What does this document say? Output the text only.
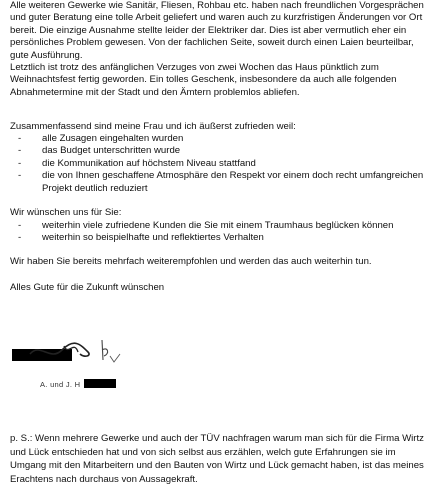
Alle weiteren Gewerke wie Sanitär, Fliesen, Rohbau etc. haben nach freundlichen Vorgesprächen und guter Beratung eine tolle Arbeit geliefert und waren auch zu kurzfristigen Änderungen vor Ort bereit. Die einzige Ausnahme stellte leider der Elektriker dar. Dies ist aber vermutlich eher ein persönliches Problem gewesen. Von der fachlichen Seite, soweit durch einen Laien beurteilbar, gute Ausführung.
Letztlich ist trotz des anfänglichen Verzuges von zwei Wochen das Haus pünktlich zum Weihnachtsfest fertig geworden. Ein tolles Geschenk, insbesondere da auch alle folgenden Abnahmetermine mit der Stadt und den Ämtern problemlos abliefen.
Zusammenfassend sind meine Frau und ich äußerst zufrieden weil:
- alle Zusagen eingehalten wurden
- das Budget unterschritten wurde
- die Kommunikation auf höchstem Niveau stattfand
- die von Ihnen geschaffene Atmosphäre den Respekt vor einem doch recht umfangreichen Projekt deutlich reduziert
Wir wünschen uns für Sie:
- weiterhin viele zufriedene Kunden die Sie mit einem Traumhaus beglücken können
- weiterhin so beispielhafte und reflektiertes Verhalten
Wir haben Sie bereits mehrfach weiterempfohlen und werden das auch weiterhin tun.
Alles Gute für die Zukunft wünschen
A. und J. H
p. S.: Wenn mehrere Gewerke und auch der TÜV nachfragen warum man sich für die Firma Wirtz und Lück entschieden hat und von sich selbst aus erzählen, welch gute Erfahrungen sie im Umgang mit den Mitarbeitern und den Bauten von Wirtz und Lück gemacht haben, ist das meines Erachtens nach durchaus von Aussagekraft.
